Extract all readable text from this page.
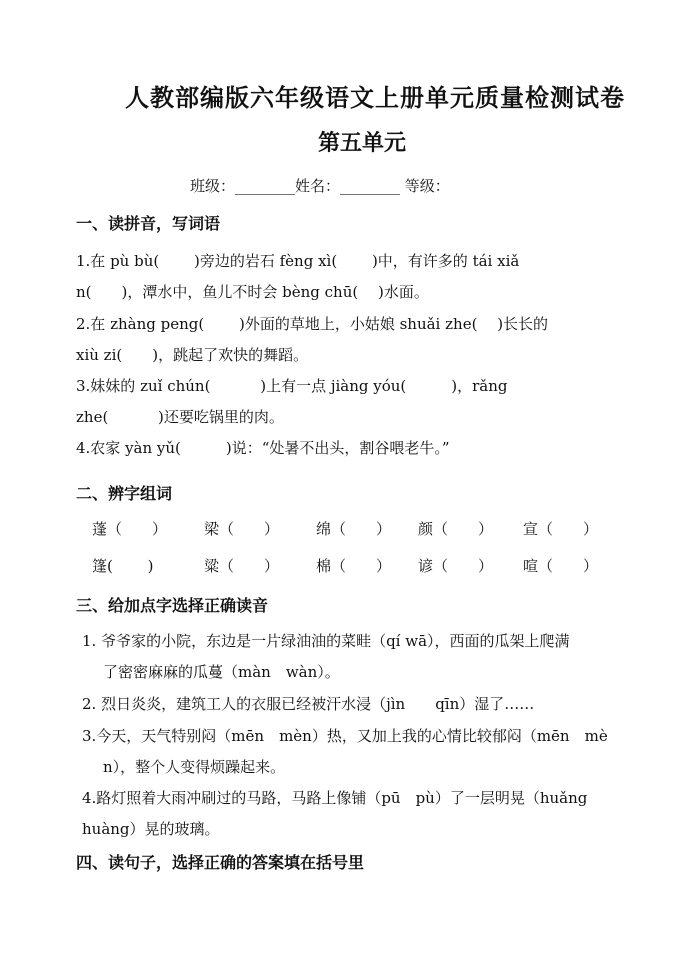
人教部编版六年级语文上册单元质量检测试卷
第五单元
班级：________姓名：________ 等级：
一、读拼音，写词语
1.在 pù bù(　　 )旁边的岩石 fèng xì(　　 )中，有许多的 tái xiǎ
n(　　)，潭水中，鱼儿不时会 bèng chū(　 )水面。
2.在 zhàng peng(　　 )外面的草地上，小姑娘 shuǎi zhe(　 )长长的
xiù zi(　　)，跳起了欢快的舞蹈。
3.妹妹的 zuǐ chún(　　　 )上有一点 jiàng yóu(　　　)，rǎng
zhe(　　　 )还要吃锅里的肉。
4.农家 yàn yǔ(　　　)说：“处暑不出头，割谷喂老牛。”
二、辨字组词
蓬（　　） 梁（　　） 绵（　　） 颜（　　） 宣（　　）
篷(　　 )	粱（　　） 棉（　　） 谚（　　） 喧（　　）
三、给加点字选择正确读音
1. 爷爷家的小院，东边是一片绿油油的菜畦（qí wā），西面的瓜架上爬满
了密密麻麻的瓜蔓（màn　wàn）。
2. 烈日炎炎，建筑工人的衣服已经被汗水浸（jìn　　qīn）湿了……
3.今天，天气特别闷（mēn　mèn）热，又加上我的心情比较郁闷（mēn　mè
n），整个人变得烦躁起来。
4.路灯照着大雨冲刷过的马路，马路上像铺（pū　pù）了一层明晃（huǎng
huàng）晃的玻璃。
四、读句子，选择正确的答案填在括号里
